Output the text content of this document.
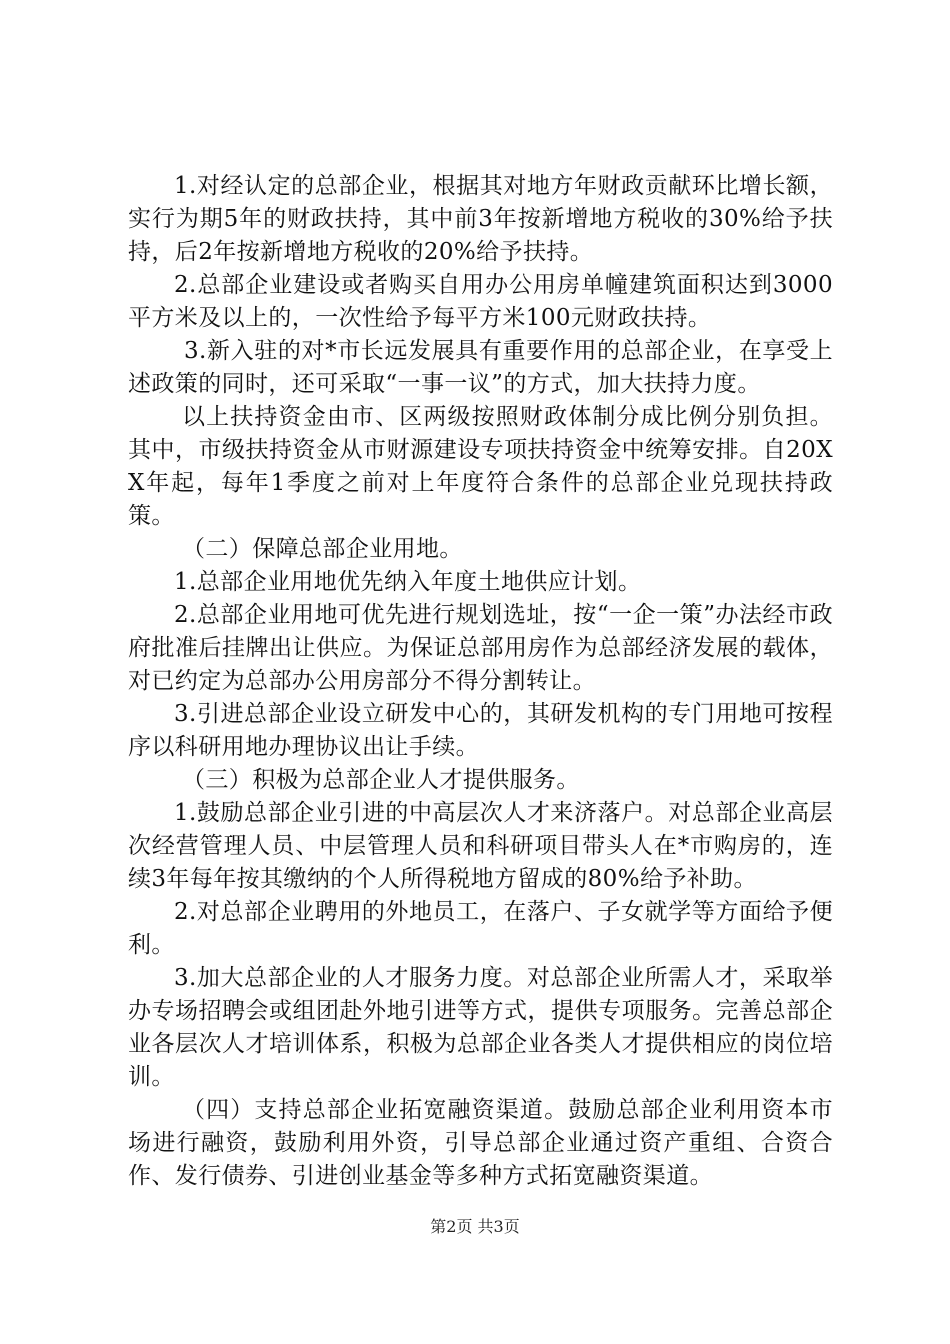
1.对经认定的总部企业，根据其对地方年财政贡献环比增长额，实行为期5年的财政扶持，其中前3年按新增地方税收的30%给予扶持，后2年按新增地方税收的20%给予扶持。

2.总部企业建设或者购买自用办公用房单幢建筑面积达到3000平方米及以上的，一次性给予每平方米100元财政扶持。

3.新入驻的对*市长远发展具有重要作用的总部企业，在享受上述政策的同时，还可采取“一事一议”的方式，加大扶持力度。

以上扶持资金由市、区两级按照财政体制分成比例分别负担。其中，市级扶持资金从市财源建设专项扶持资金中统筹安排。自20XX年起，每年1季度之前对上年度符合条件的总部企业兑现扶持政策。

（二）保障总部企业用地。

1.总部企业用地优先纳入年度土地供应计划。

2.总部企业用地可优先进行规划选址，按“一企一策”办法经市政府批准后挂牌出让供应。为保证总部用房作为总部经济发展的载体，对已约定为总部办公用房部分不得分割转让。

3.引进总部企业设立研发中心的，其研发机构的专门用地可按程序以科研用地办理协议出让手续。

（三）积极为总部企业人才提供服务。

1.鼓励总部企业引进的中高层次人才来济落户。对总部企业高层次经营管理人员、中层管理人员和科研项目带头人在*市购房的，连续3年每年按其缴纳的个人所得税地方留成的80%给予补助。

2.对总部企业聘用的外地员工，在落户、子女就学等方面给予便利。

3.加大总部企业的人才服务力度。对总部企业所需人才，采取举办专场招聘会或组团赴外地引进等方式，提供专项服务。完善总部企业各层次人才培训体系，积极为总部企业各类人才提供相应的岗位培训。

（四）支持总部企业拓宽融资渠道。鼓励总部企业利用资本市场进行融资，鼓励利用外资，引导总部企业通过资产重组、合资合作、发行债券、引进创业基金等多种方式拓宽融资渠道。

第2页 共3页
